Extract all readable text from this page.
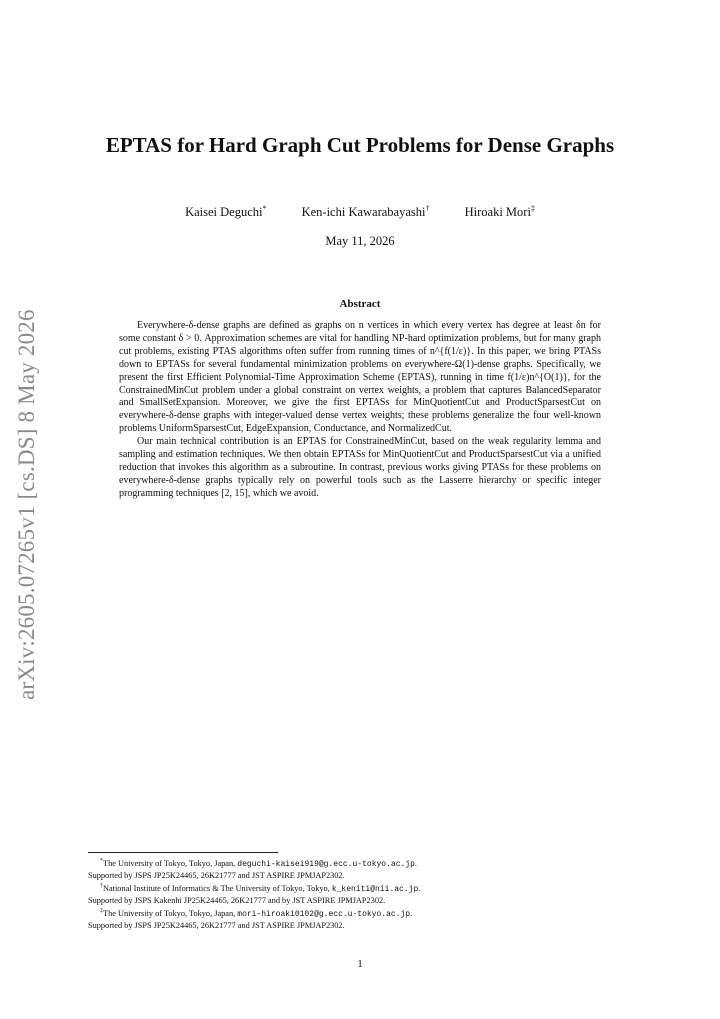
arXiv:2605.07265v1 [cs.DS] 8 May 2026
EPTAS for Hard Graph Cut Problems for Dense Graphs
Kaisei Deguchi*	Ken-ichi Kawarabayashi†	Hiroaki Mori‡
May 11, 2026
Abstract

Everywhere-δ-dense graphs are defined as graphs on n vertices in which every vertex has degree at least δn for some constant δ > 0. Approximation schemes are vital for handling NP-hard optimization problems, but for many graph cut problems, existing PTAS algorithms often suffer from running times of n^{f(1/ε)}. In this paper, we bring PTASs down to EPTASs for several fundamental minimization problems on everywhere-Ω(1)-dense graphs. Specifically, we present the first Efficient Polynomial-Time Approximation Scheme (EPTAS), running in time f(1/ε)n^{O(1)}, for the ConstrainedMinCut problem under a global constraint on vertex weights, a problem that captures BalancedSeparator and SmallSetExpansion. Moreover, we give the first EPTASs for MinQuotientCut and ProductSparsestCut on everywhere-δ-dense graphs with integer-valued dense vertex weights; these problems generalize the four well-known problems UniformSparsestCut, EdgeExpansion, Conductance, and NormalizedCut.

Our main technical contribution is an EPTAS for ConstrainedMinCut, based on the weak regularity lemma and sampling and estimation techniques. We then obtain EPTASs for MinQuotientCut and ProductSparsestCut via a unified reduction that invokes this algorithm as a subroutine. In contrast, previous works giving PTASs for these problems on everywhere-δ-dense graphs typically rely on powerful tools such as the Lasserre hierarchy or specific integer programming techniques [2, 15], which we avoid.

*The University of Tokyo, Tokyo, Japan, deguchi-kaisei919@g.ecc.u-tokyo.ac.jp.

Supported by JSPS JP25K24465, 26K21777 and JST ASPIRE JPMJAP2302.

†National Institute of Informatics & The University of Tokyo, Tokyo, k_keniti@nii.ac.jp.

Supported by JSPS Kakenhi JP25K24465, 26K21777 and by JST ASPIRE JPMJAP2302.

‡The University of Tokyo, Tokyo, Japan, mori-hiroaki0102@g.ecc.u-tokyo.ac.jp.

Supported by JSPS JP25K24465, 26K21777 and JST ASPIRE JPMJAP2302.

1
